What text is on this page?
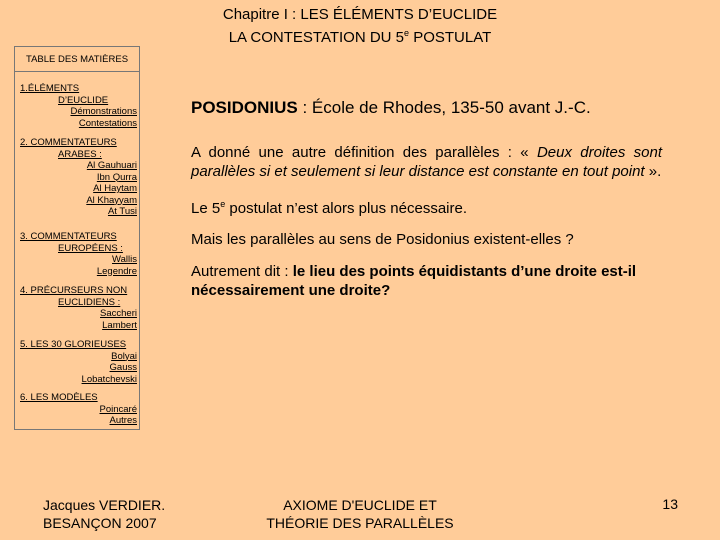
Chapitre I : LES ÉLÉMENTS D’EUCLIDE
LA CONTESTATION DU 5e POSTULAT
TABLE DES MATIÈRES
1.ÉLÉMENTS
D’EUCLIDE
Démonstrations
Contestations
2. COMMENTATEURS
ARABES :
Al Gauhuari
Ibn Qurra
Al Haytam
Al Khayyam
At Tusi
3. COMMENTATEURS
EUROPÉENS :
Wallis
Legendre
4. PRÉCURSEURS NON
EUCLIDIENS :
Saccheri
Lambert
5. LES 30 GLORIEUSES
Bolyai
Gauss
Lobatchevski
6. LES MODÈLES
Poincaré
Autres

POSIDONIUS : École de Rhodes, 135-50 avant J.-C.

A donné une autre définition des parallèles : « Deux droites sont parallèles si et seulement si leur distance est constante en tout point ».

Le 5e postulat n’est alors plus nécessaire.

Mais les parallèles au sens de Posidonius existent-elles ?

Autrement dit : le lieu des points équidistants d’une droite est-il nécessairement une droite?

Jacques VERDIER.
BESANÇON 2007
AXIOME D'EUCLIDE ET
THÉORIE DES PARALLÈLES
13
